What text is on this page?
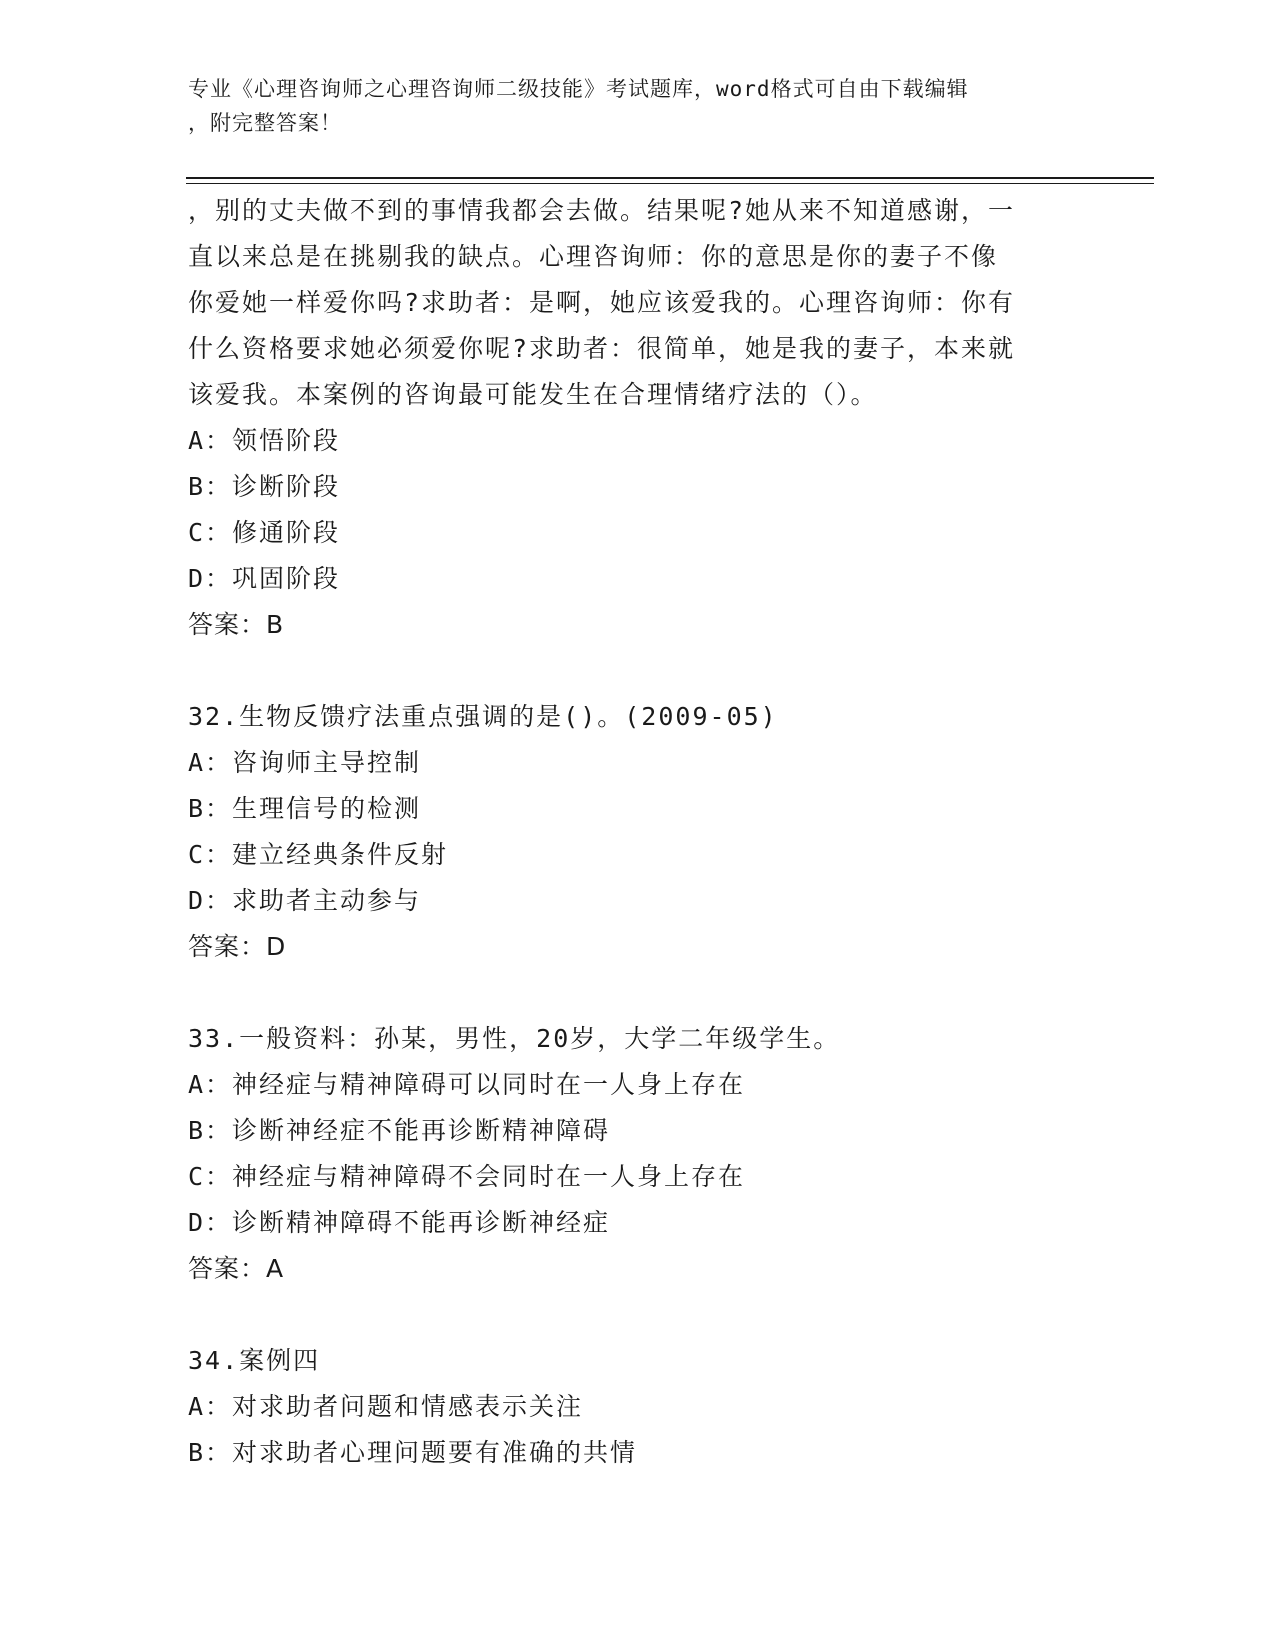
专业《心理咨询师之心理咨询师二级技能》考试题库，word格式可自由下载编辑
，附完整答案！
，别的丈夫做不到的事情我都会去做。结果呢?她从来不知道感谢，一
直以来总是在挑剔我的缺点。心理咨询师：你的意思是你的妻子不像
你爱她一样爱你吗?求助者：是啊，她应该爱我的。心理咨询师：你有
什么资格要求她必须爱你呢?求助者：很简单，她是我的妻子，本来就
该爱我。本案例的咨询最可能发生在合理情绪疗法的（）。
A：领悟阶段
B：诊断阶段
C：修通阶段
D：巩固阶段
答案：B
32.生物反馈疗法重点强调的是()。(2009-05)
A：咨询师主导控制
B：生理信号的检测
C：建立经典条件反射
D：求助者主动参与
答案：D
33.一般资料：孙某，男性，20岁，大学二年级学生。
A：神经症与精神障碍可以同时在一人身上存在
B：诊断神经症不能再诊断精神障碍
C：神经症与精神障碍不会同时在一人身上存在
D：诊断精神障碍不能再诊断神经症
答案：A
34.案例四
A：对求助者问题和情感表示关注
B：对求助者心理问题要有准确的共情
